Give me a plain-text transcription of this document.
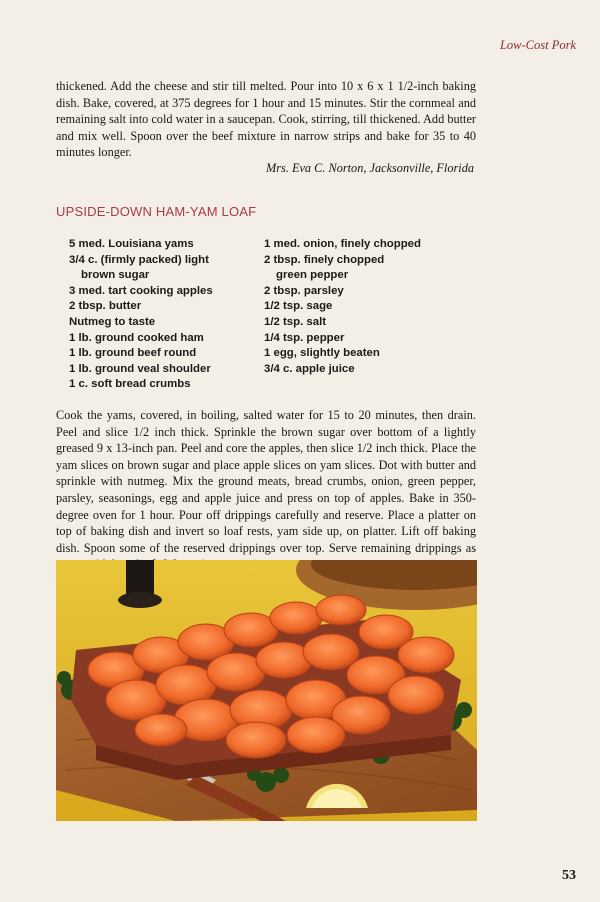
Low-Cost Pork

thickened. Add the cheese and stir till melted. Pour into 10 x 6 x 1 1/2-inch baking dish. Bake, covered, at 375 degrees for 1 hour and 15 minutes. Stir the cornmeal and remaining salt into cold water in a saucepan. Cook, stirring, till thickened. Add butter and mix well. Spoon over the beef mixture in narrow strips and bake for 35 to 40 minutes longer.

Mrs. Eva C. Norton, Jacksonville, Florida
UPSIDE-DOWN HAM-YAM LOAF
5 med. Louisiana yams
3/4 c. (firmly packed) light
brown sugar
3 med. tart cooking apples
2 tbsp. butter
Nutmeg to taste
1 lb. ground cooked ham
1 lb. ground beef round
1 lb. ground veal shoulder
1 c. soft bread crumbs
1 med. onion, finely chopped
2 tbsp. finely chopped
green pepper
2 tbsp. parsley
1/2 tsp. sage
1/2 tsp. salt
1/4 tsp. pepper
1 egg, slightly beaten
3/4 c. apple juice

Cook the yams, covered, in boiling, salted water for 15 to 20 minutes, then drain. Peel and slice 1/2 inch thick. Sprinkle the brown sugar over bottom of a lightly greased 9 x 13-inch pan. Peel and core the apples, then slice 1/2 inch thick. Place the yam slices on brown sugar and place apple slices on yam slices. Dot with butter and sprinkle with nutmeg. Mix the ground meats, bread crumbs, onion, green pepper, parsley, seasonings, egg and apple juice and press on top of apples. Bake in 350-degree oven for 1 hour. Pour off drippings carefully and reserve. Place a platter on top of baking dish and invert so loaf rests, yam side up, on platter. Lift off baking dish. Spoon some of the reserved drippings over top. Serve remaining drippings as

53
